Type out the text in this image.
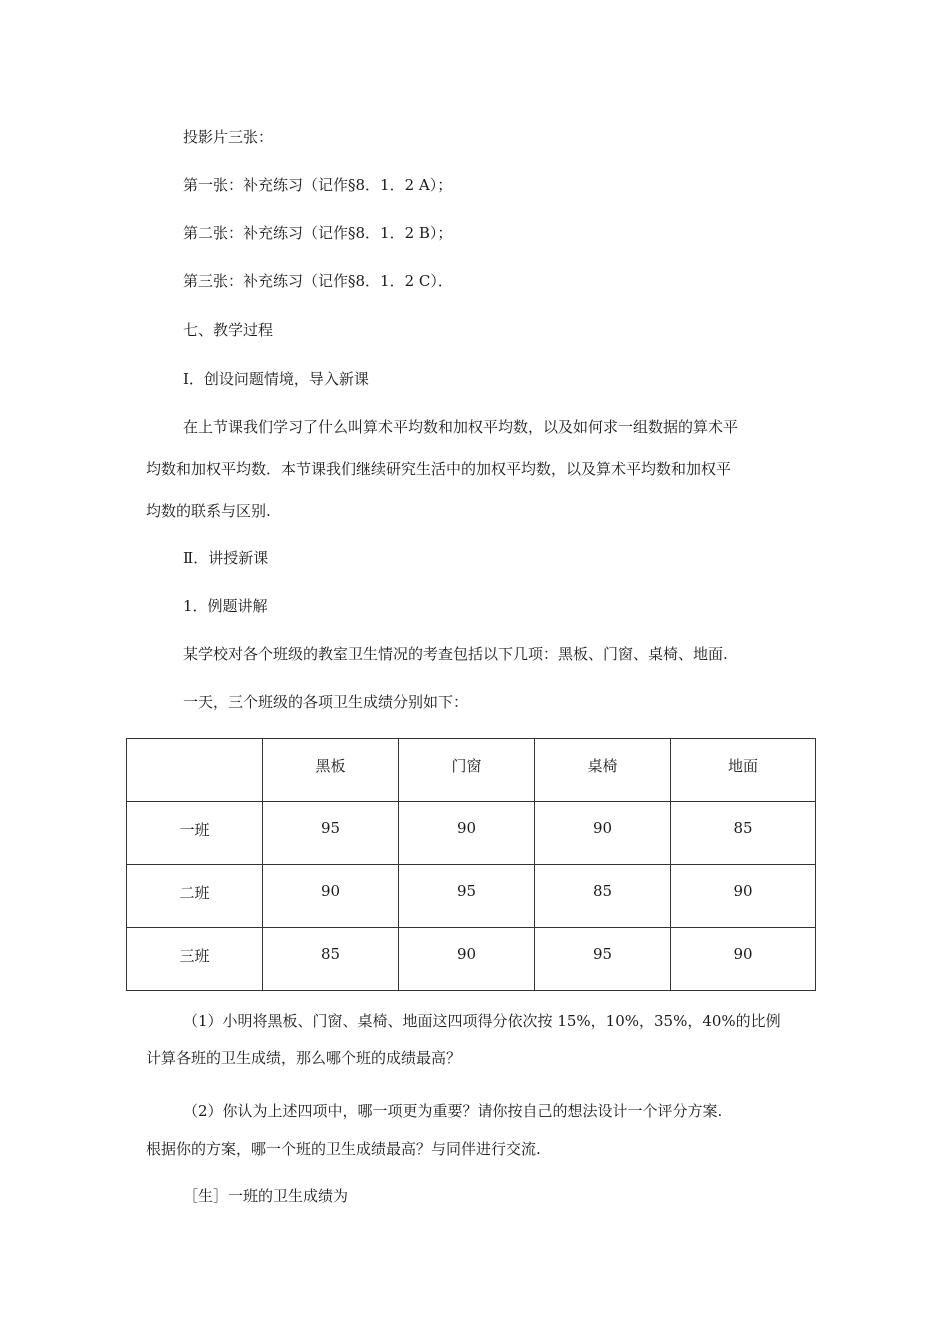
投影片三张：
第一张：补充练习（记作§8．1．2 A）；
第二张：补充练习（记作§8．1．2 B）；
第三张：补充练习（记作§8．1．2 C）．
七、教学过程
Ⅰ．创设问题情境，导入新课
在上节课我们学习了什么叫算术平均数和加权平均数，以及如何求一组数据的算术平
均数和加权平均数．本节课我们继续研究生活中的加权平均数，以及算术平均数和加权平
均数的联系与区别.
Ⅱ．讲授新课
1．例题讲解
某学校对各个班级的教室卫生情况的考查包括以下几项：黑板、门窗、桌椅、地面.
一天，三个班级的各项卫生成绩分别如下：
	黑板	门窗	桌椅	地面
一班	95	90	90	85
二班	90	95	85	90
三班	85	90	95	90
（1）小明将黑板、门窗、桌椅、地面这四项得分依次按 15%，10%，35%，40%的比例
计算各班的卫生成绩，那么哪个班的成绩最高？
（2）你认为上述四项中，哪一项更为重要？请你按自己的想法设计一个评分方案.
根据你的方案，哪一个班的卫生成绩最高？与同伴进行交流.
［生］一班的卫生成绩为
